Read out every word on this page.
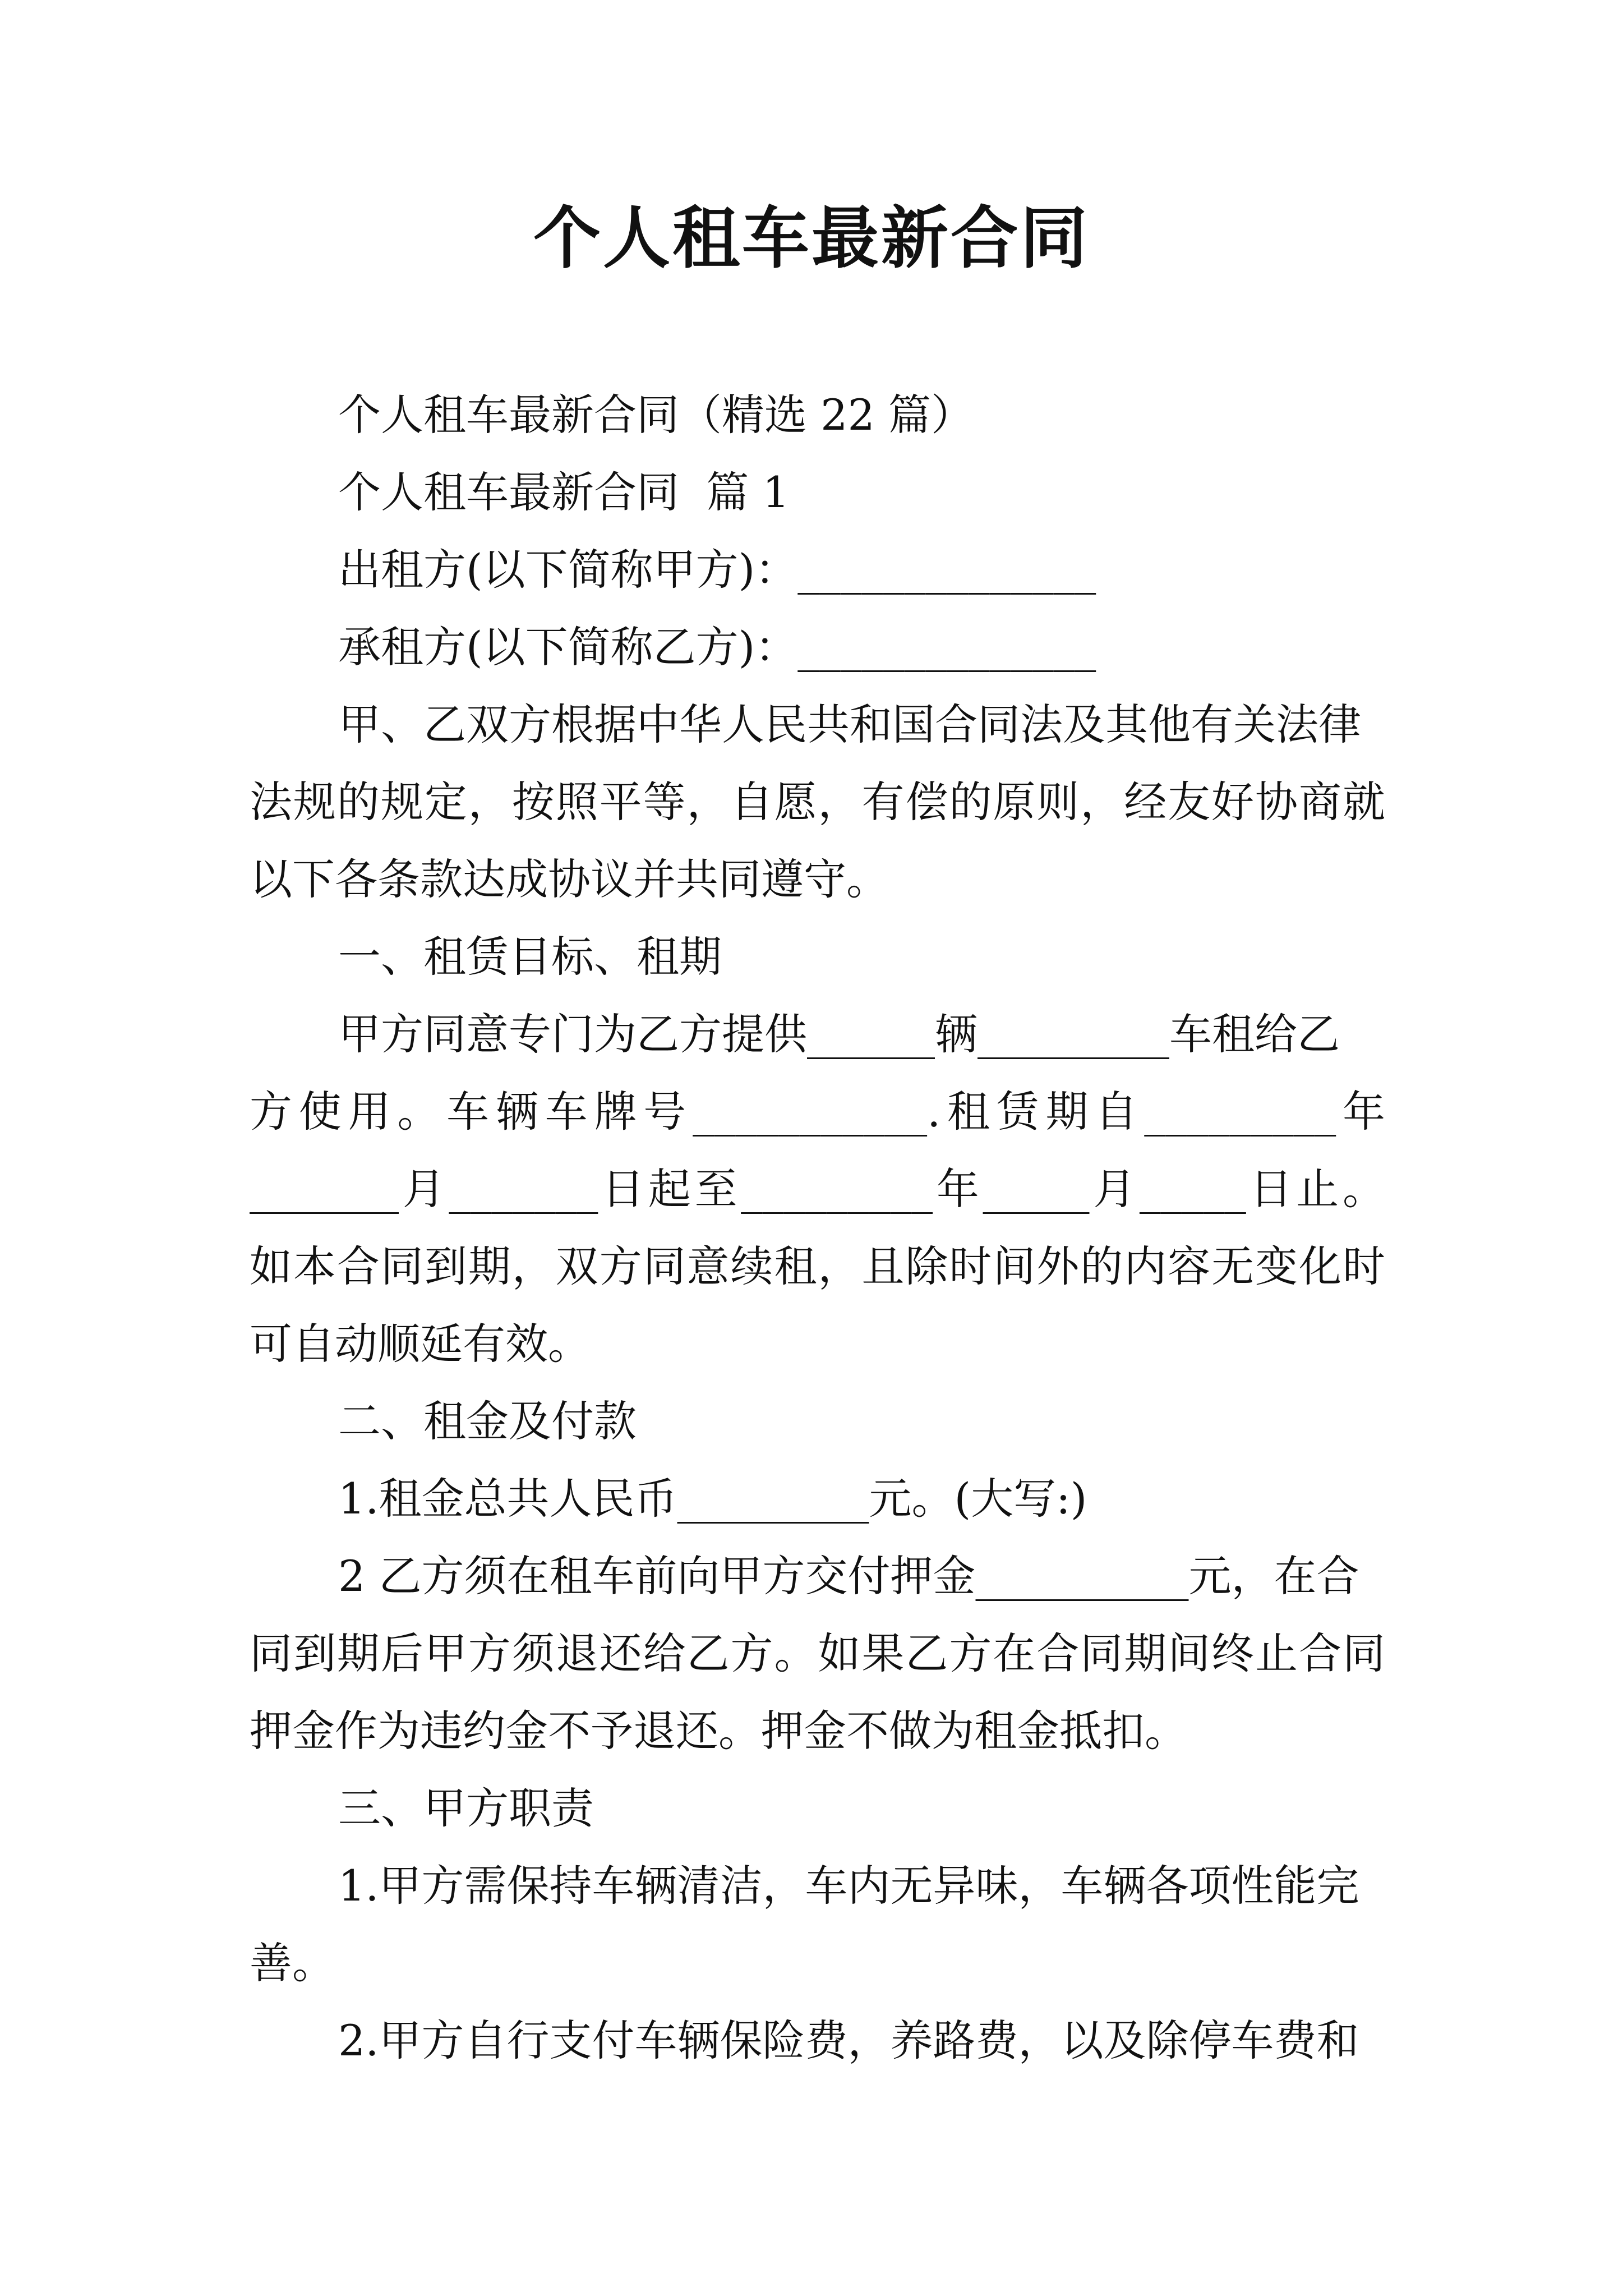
个人租车最新合同
个人租车最新合同（精选 22 篇）
个人租车最新合同  篇 1
出租方(以下简称甲方)：______________
承租方(以下简称乙方)：______________
甲、乙双方根据中华人民共和国合同法及其他有关法律
法规的规定，按照平等，自愿，有偿的原则，经友好协商就
以下各条款达成协议并共同遵守。
一、租赁目标、租期
甲方同意专门为乙方提供______辆_________车租给乙
方使用。车辆车牌号___________.租赁期自_________年
_______月_______日起至_________年_____月_____日止。
如本合同到期，双方同意续租，且除时间外的内容无变化时
可自动顺延有效。
二、租金及付款
1.租金总共人民币_________元。(大写:)
2 乙方须在租车前向甲方交付押金__________元，在合
同到期后甲方须退还给乙方。如果乙方在合同期间终止合同
押金作为违约金不予退还。押金不做为租金抵扣。
三、甲方职责
1.甲方需保持车辆清洁，车内无异味，车辆各项性能完
善。
2.甲方自行支付车辆保险费，养路费，以及除停车费和
